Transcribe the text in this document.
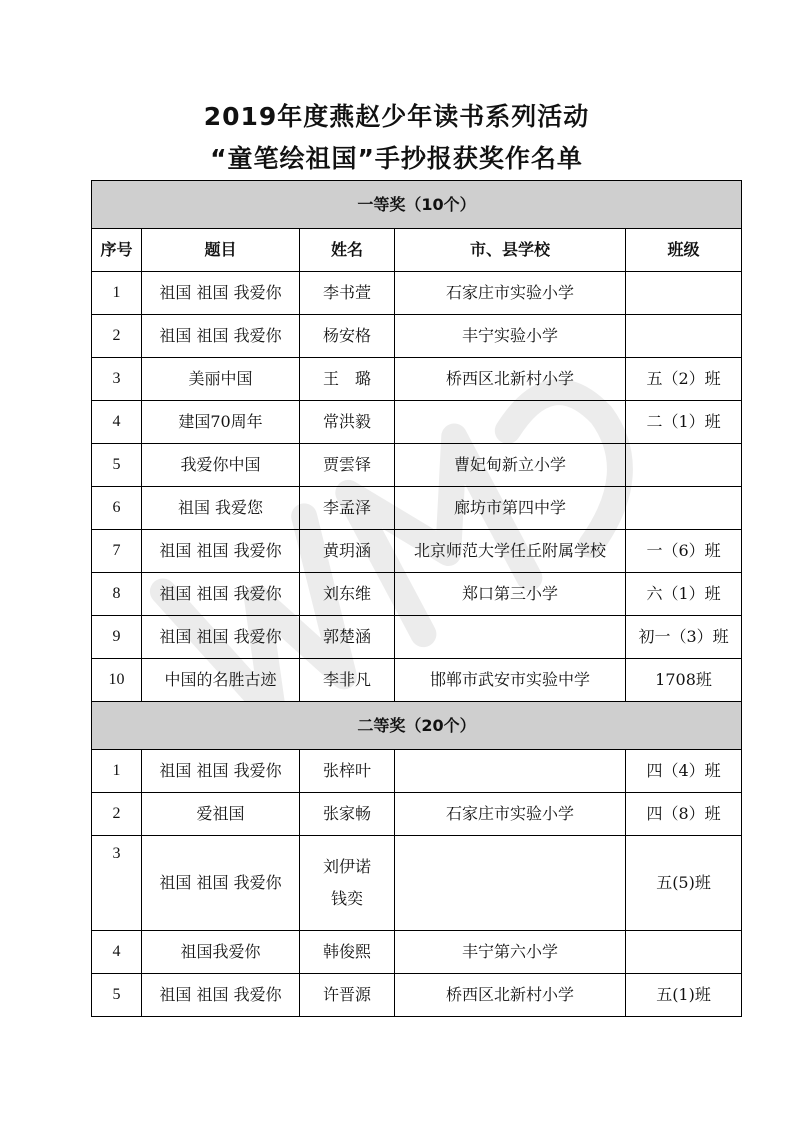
2019年度燕赵少年读书系列活动
“童笔绘祖国”手抄报获奖作名单
一等奖（10个）				
序号	题目	姓名	市、县学校	班级
1	祖国 祖国 我爱你	李书萱	石家庄市实验小学	
2	祖国 祖国 我爱你	杨安格	丰宁实验小学	
3	美丽中国	王　璐	桥西区北新村小学	五（2）班
4	建国70周年	常洪毅		二（1）班
5	我爱你中国	贾雲铎	曹妃甸新立小学	
6	祖国 我爱您	李孟泽	廊坊市第四中学	
7	祖国 祖国 我爱你	黄玥涵	北京师范大学任丘附属学校	一（6）班
8	祖国 祖国 我爱你	刘东维	郑口第三小学	六（1）班
9	祖国 祖国 我爱你	郭楚涵		初一（3）班
10	中国的名胜古迹	李非凡	邯郸市武安市实验中学	1708班
二等奖（20个）				
1	祖国 祖国 我爱你	张梓叶		四（4）班
2	爱祖国	张家畅	石家庄市实验小学	四（8）班
3	祖国 祖国 我爱你	刘伊诺
钱奕		五(5)班
4	祖国我爱你	韩俊熙	丰宁第六小学	
5	祖国 祖国 我爱你	许晋源	桥西区北新村小学	五(1)班
